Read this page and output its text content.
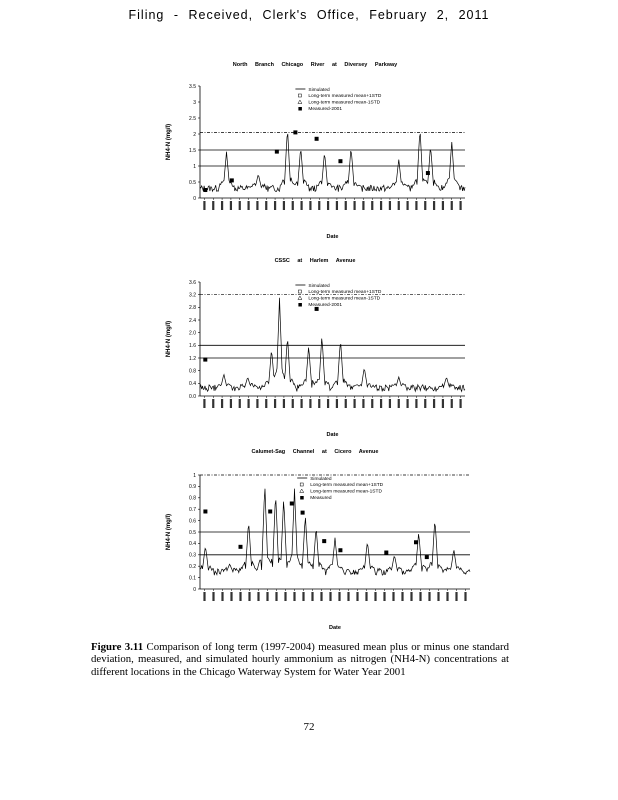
Filing - Received, Clerk's Office, February 2, 2011
North Branch Chicago River at Diversey Parkway
0
0.5
1
1.5
2
2.5
3
3.5
NH4-N (mg/l)
Date
Simulated
Long-term measured mean+1STD
Long-term measured mean-1STD
Measured-2001
CSSC at Harlem Avenue
0.0
0.4
0.8
1.2
1.6
2.0
2.4
2.8
3.2
3.6
NH4-N (mg/l)
Date
Simulated
Long-term measured mean+1STD
Long-term measured mean-1STD
Measured-2001
Calumet-Sag Channel at Cicero Avenue
0
0.1
0.2
0.3
0.4
0.5
0.6
0.7
0.8
0.9
1
NH4-N (mg/l)
Date
Simulated
Long-term measured mean+1STD
Long-term measured mean-1STD
Measured
Figure 3.11 Comparison of long term (1997-2004) measured mean plus or minus one standard deviation, measured, and simulated hourly ammonium as nitrogen (NH4-N) concentrations at different locations in the Chicago Waterway System for Water Year 2001
72
